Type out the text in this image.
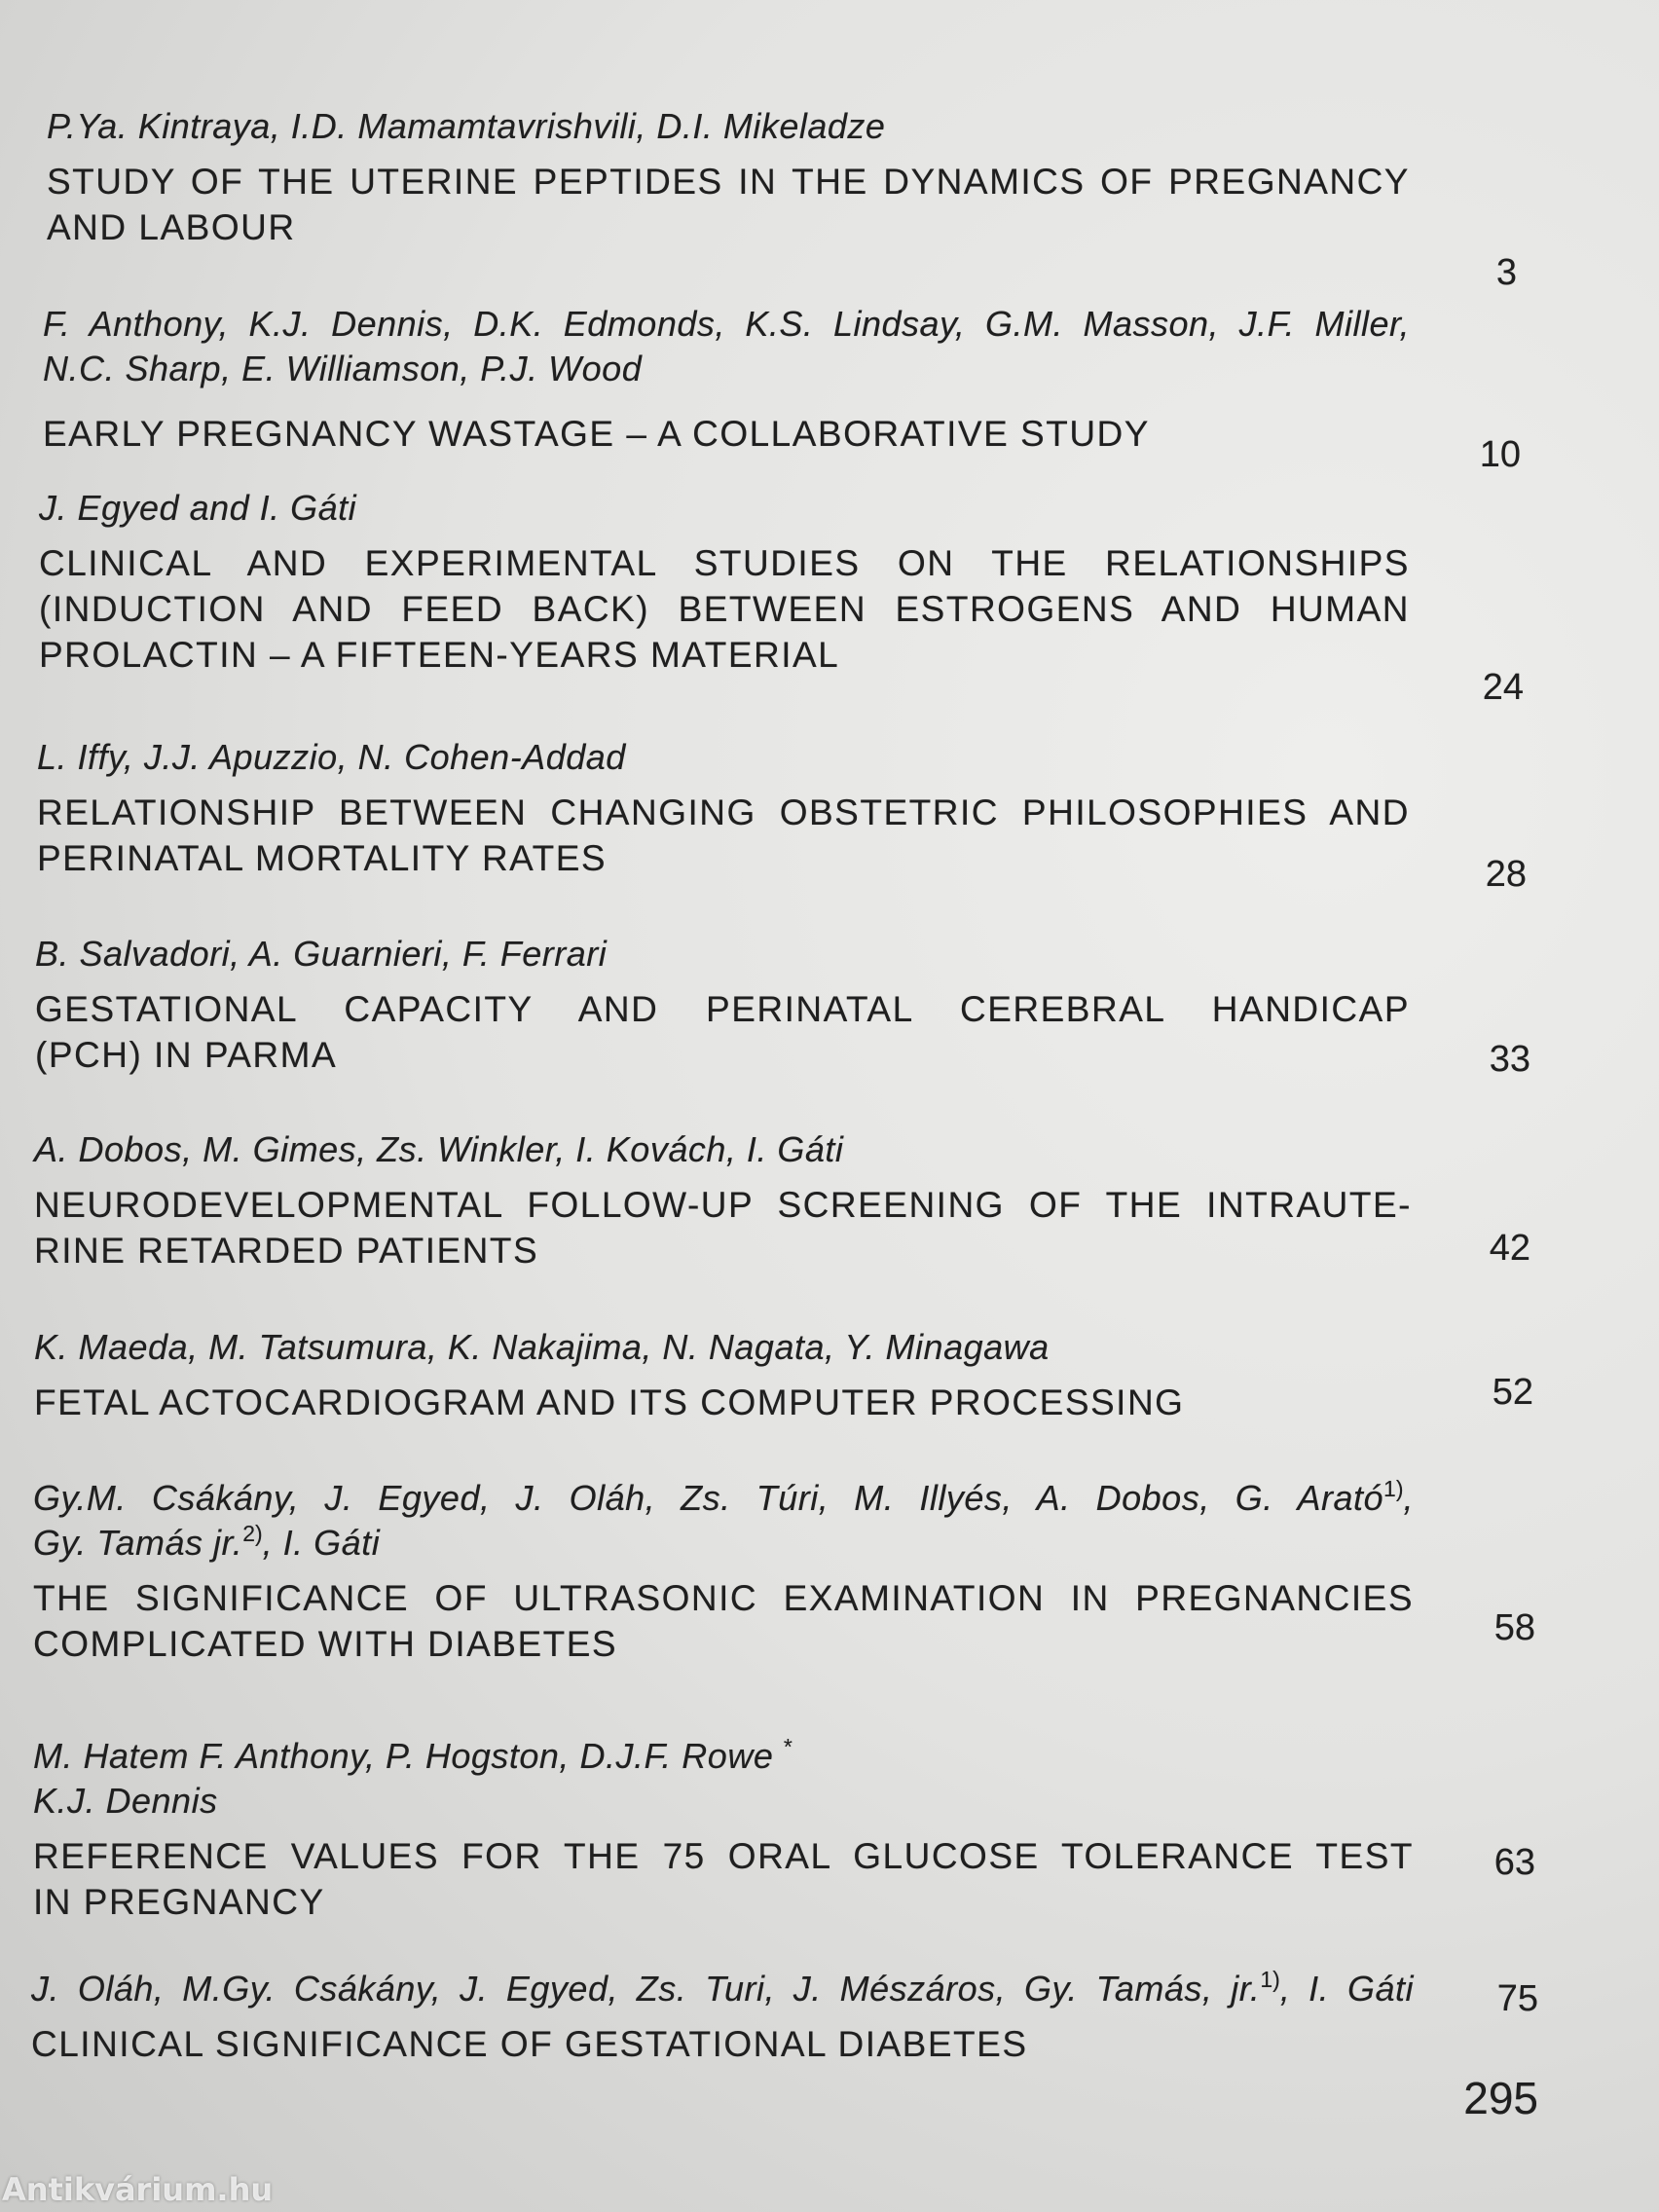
P.Ya. Kintraya, I.D. Mamamtavrishvili, D.I. Mikeladze
STUDY OF THE UTERINE PEPTIDES IN THE DYNAMICS OF PREGNANCY
AND LABOUR
3
F. Anthony, K.J. Dennis, D.K. Edmonds, K.S. Lindsay, G.M. Masson, J.F. Miller,
N.C. Sharp, E. Williamson, P.J. Wood
EARLY PREGNANCY WASTAGE – A COLLABORATIVE STUDY
10
J. Egyed and I. Gáti
CLINICAL AND EXPERIMENTAL STUDIES ON THE RELATIONSHIPS
(INDUCTION AND FEED BACK) BETWEEN ESTROGENS AND HUMAN
PROLACTIN – A FIFTEEN-YEARS MATERIAL
24
L. Iffy, J.J. Apuzzio, N. Cohen-Addad
RELATIONSHIP BETWEEN CHANGING OBSTETRIC PHILOSOPHIES AND
PERINATAL MORTALITY RATES	28
B. Salvadori, A. Guarnieri, F. Ferrari
GESTATIONAL CAPACITY AND PERINATAL CEREBRAL HANDICAP
(PCH) IN PARMA	33
A. Dobos, M. Gimes, Zs. Winkler, I. Kovách, I. Gáti
NEURODEVELOPMENTAL FOLLOW-UP SCREENING OF THE INTRAUTE-
RINE RETARDED PATIENTS	42
K. Maeda, M. Tatsumura, K. Nakajima, N. Nagata, Y. Minagawa
FETAL ACTOCARDIOGRAM AND ITS COMPUTER PROCESSING	52
Gy.M. Csákány, J. Egyed, J. Oláh, Zs. Túri, M. Illyés, A. Dobos, G. Arató$^{1)}$,
Gy. Tamás jr.$^{2)}$, I. Gáti
THE SIGNIFICANCE OF ULTRASONIC EXAMINATION IN PREGNANCIES
COMPLICATED WITH DIABETES	58
M. Hatem F. Anthony, P. Hogston, D.J.F. Rowe *
K.J. Dennis
REFERENCE VALUES FOR THE 75 ORAL GLUCOSE TOLERANCE TEST
IN PREGNANCY
63
J. Oláh, M.Gy. Csákány, J. Egyed, Zs. Turi, J. Mészáros, Gy. Tamás, jr.$^{1)}$, I. Gáti
CLINICAL SIGNIFICANCE OF GESTATIONAL DIABETES
75
295
Antikvárium.hu
